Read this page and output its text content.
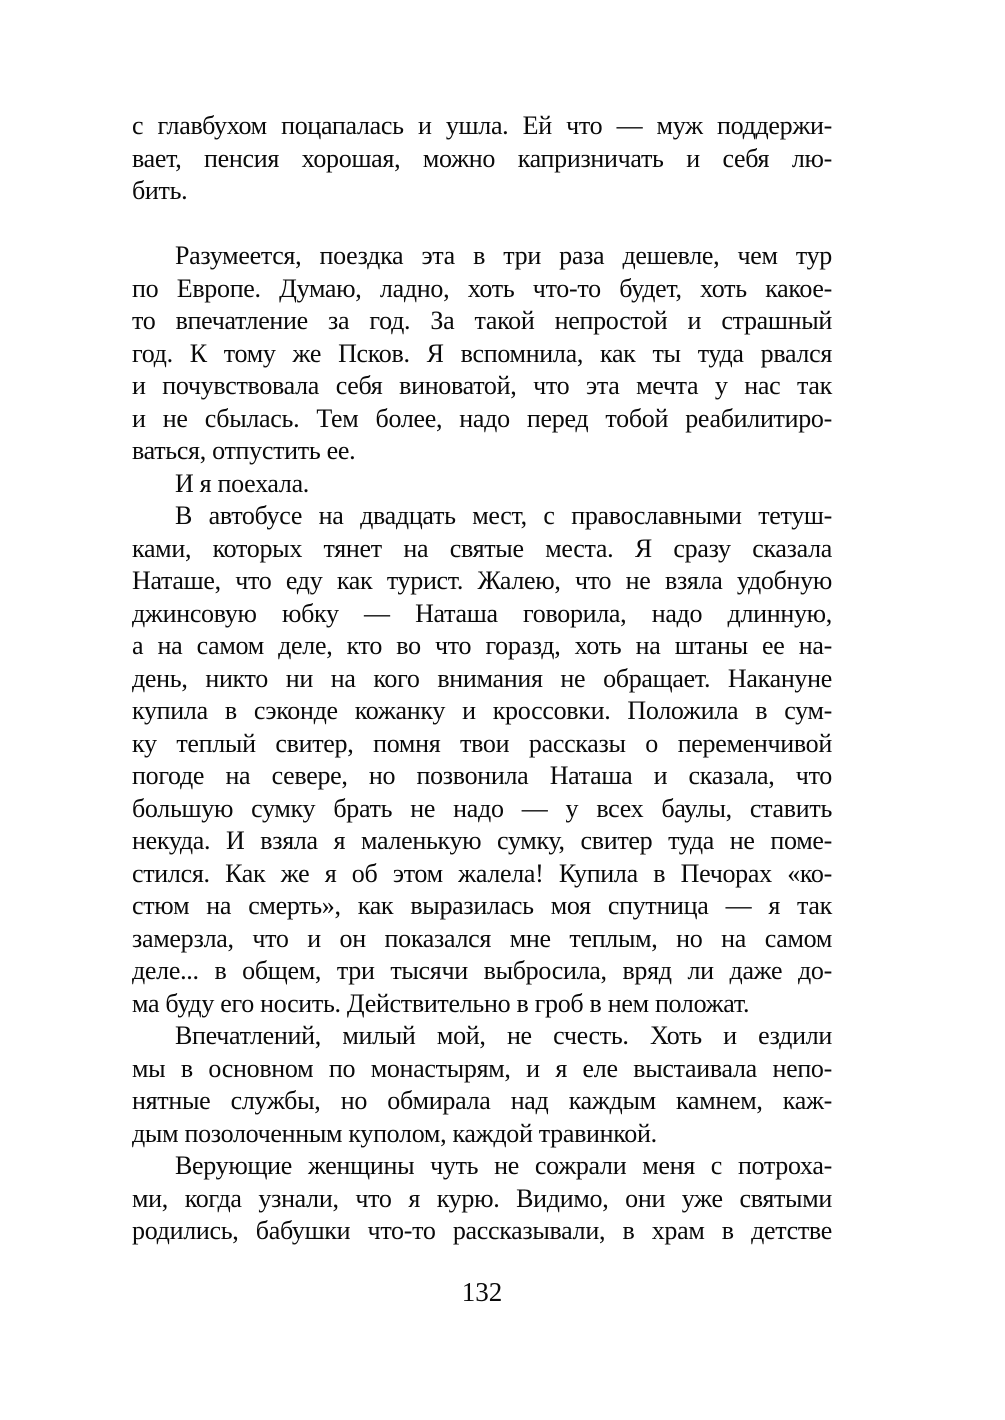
с главбухом поцапалась и ушла. Ей что — муж поддержи-
вает, пенсия хорошая, можно капризничать и себя лю-
бить.

Разумеется, поездка эта в три раза дешевле, чем тур
по Европе. Думаю, ладно, хоть что-то будет, хоть какое-
то впечатление за год. За такой непростой и страшный
год. К тому же Псков. Я вспомнила, как ты туда рвался
и почувствовала себя виноватой, что эта мечта у нас так
и не сбылась. Тем более, надо перед тобой реабилитиро-
ваться, отпустить ее.
И я поехала.
В автобусе на двадцать мест, с православными тетуш-
ками, которых тянет на святые места. Я сразу сказала
Наташе, что еду как турист. Жалею, что не взяла удобную
джинсовую юбку — Наташа говорила, надо длинную,
а на самом деле, кто во что горазд, хоть на штаны ее на-
день, никто ни на кого внимания не обращает. Накануне
купила в сэконде кожанку и кроссовки. Положила в сум-
ку теплый свитер, помня твои рассказы о переменчивой
погоде на севере, но позвонила Наташа и сказала, что
большую сумку брать не надо — у всех баулы, ставить
некуда. И взяла я маленькую сумку, свитер туда не поме-
стился. Как же я об этом жалела! Купила в Печорах «ко-
стюм на смерть», как выразилась моя спутница — я так
замерзла, что и он показался мне теплым, но на самом
деле... в общем, три тысячи выбросила, вряд ли даже до-
ма буду его носить. Действительно в гроб в нем положат.
Впечатлений, милый мой, не счесть. Хоть и ездили
мы в основном по монастырям, и я еле выстаивала непо-
нятные службы, но обмирала над каждым камнем, каж-
дым позолоченным куполом, каждой травинкой.
Верующие женщины чуть не сожрали меня с потроха-
ми, когда узнали, что я курю. Видимо, они уже святыми
родились, бабушки что-то рассказывали, в храм в детстве
132
